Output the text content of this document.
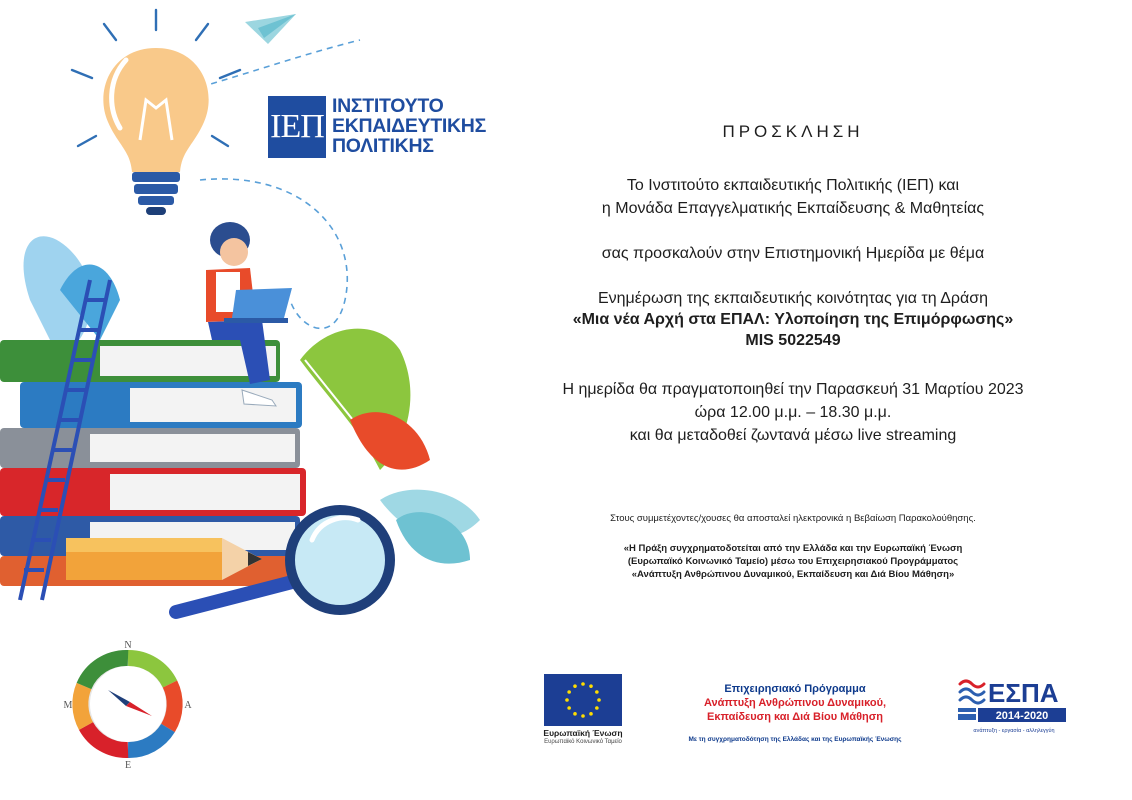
ΙΕΠ
ΙΝΣΤΙΤΟΥΤΟ
ΕΚΠΑΙΔΕΥΤΙΚΗΣ
ΠΟΛΙΤΙΚΗΣ
ΠΡΟΣΚΛΗΣΗ
Το Ινστιτούτο εκπαιδευτικής Πολιτικής (ΙΕΠ) και
η Μονάδα Επαγγελματικής Εκπαίδευσης & Μαθητείας
σας προσκαλούν στην Επιστημονική Ημερίδα με θέμα
Ενημέρωση της εκπαιδευτικής κοινότητας για τη Δράση
«Μια νέα Αρχή στα ΕΠΑΛ: Υλοποίηση της Επιμόρφωσης»
MIS 5022549
Η ημερίδα θα πραγματοποιηθεί την Παρασκευή 31 Μαρτίου 2023
ώρα 12.00 μ.μ. – 18.30 μ.μ.
και θα μεταδοθεί ζωντανά μέσω live streaming
Στους συμμετέχοντες/χουσες θα αποσταλεί ηλεκτρονικά η Βεβαίωση Παρακολούθησης.
«Η Πράξη συγχρηματοδοτείται από την Ελλάδα και την Ευρωπαϊκή Ένωση
(Ευρωπαϊκό Κοινωνικό Ταμείο) μέσω του Επιχειρησιακού Προγράμματος
«Ανάπτυξη Ανθρώπινου Δυναμικού, Εκπαίδευση και Διά Βίου Μάθηση»
N
E
M	A
Ευρωπαϊκή Ένωση
Ευρωπαϊκό Κοινωνικό Ταμείο
Επιχειρησιακό Πρόγραμμα
Ανάπτυξη Ανθρώπινου Δυναμικού,
Εκπαίδευση και Διά Βίου Μάθηση
Με τη συγχρηματοδότηση της Ελλάδας και της Ευρωπαϊκής Ένωσης
ΕΣΠΑ
2014-2020
ανάπτυξη - εργασία - αλληλεγγύη
